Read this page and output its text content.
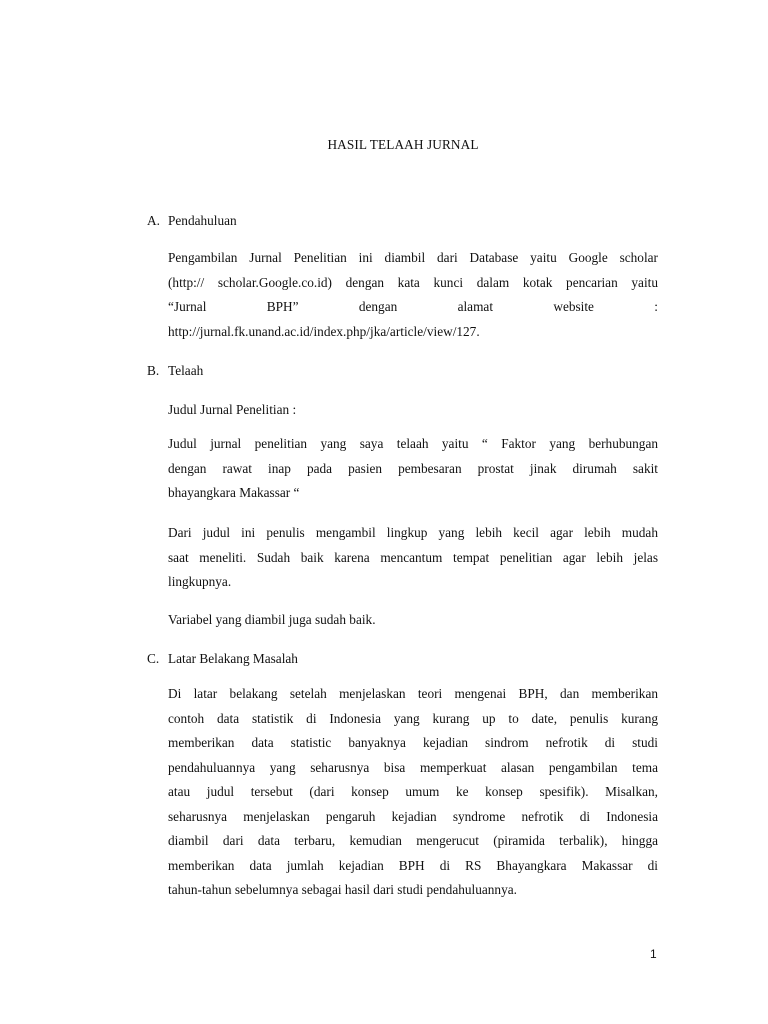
HASIL TELAAH JURNAL
A. Pendahuluan
Pengambilan Jurnal Penelitian ini diambil dari Database yaitu Google scholar
(http:// scholar.Google.co.id) dengan kata kunci dalam kotak pencarian yaitu
“Jurnal	BPH”	dengan	alamat	website	:
http://jurnal.fk.unand.ac.id/index.php/jka/article/view/127.
B. Telaah
Judul Jurnal Penelitian :
Judul jurnal penelitian yang saya telaah yaitu “ Faktor yang berhubungan
dengan rawat inap pada pasien pembesaran prostat jinak dirumah sakit
bhayangkara Makassar “
Dari judul ini penulis mengambil lingkup yang lebih kecil agar lebih mudah
saat meneliti. Sudah baik karena mencantum tempat penelitian agar lebih jelas
lingkupnya.
Variabel yang diambil juga sudah baik.
C. Latar Belakang Masalah
Di latar belakang setelah menjelaskan teori mengenai BPH, dan memberikan
contoh data statistik di Indonesia yang kurang up to date, penulis kurang
memberikan data statistic banyaknya kejadian sindrom nefrotik di studi
pendahuluannya yang seharusnya bisa memperkuat alasan pengambilan tema
atau judul tersebut (dari konsep umum ke konsep spesifik). Misalkan,
seharusnya menjelaskan pengaruh kejadian syndrome nefrotik di Indonesia
diambil dari data terbaru, kemudian mengerucut (piramida terbalik), hingga
memberikan data jumlah kejadian BPH di RS Bhayangkara Makassar di
tahun-tahun sebelumnya sebagai hasil dari studi pendahuluannya.
1
